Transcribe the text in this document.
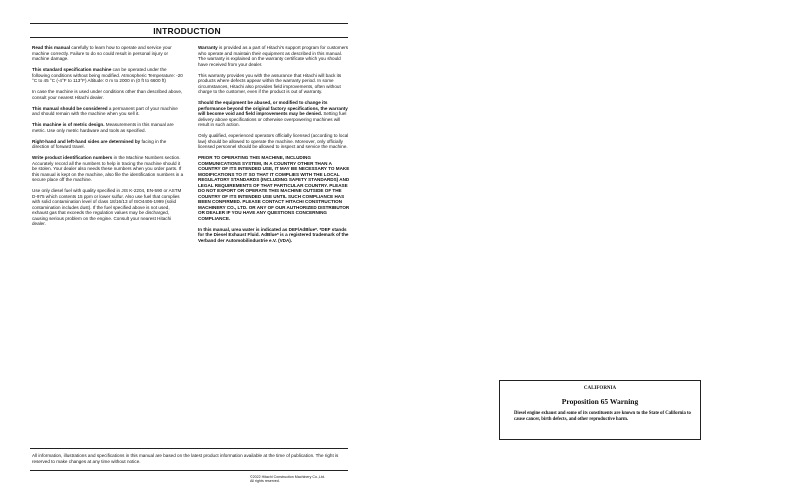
INTRODUCTION

Read this manual carefully to learn how to operate and service your machine correctly. Failure to do so could result in personal injury or machine damage.

This standard specification machine can be operated under the following conditions without being modified. Atmospheric Temperature: -20 °C to 45 °C (-4°F to 113°F) Altitude: 0 m to 2000 m (0 ft to 6600 ft)

In case the machine is used under conditions other than described above, consult your nearest Hitachi dealer.

This manual should be considered a permanent part of your machine and should remain with the machine when you sell it.

This machine is of metric design. Measurements in this manual are metric. Use only metric hardware and tools as specified.

Right-hand and left-hand sides are determined by facing in the direction of forward travel.

Write product identification numbers in the Machine Numbers section. Accurately record all the numbers to help in tracing the machine should it be stolen. Your dealer also needs these numbers when you order parts. If this manual is kept on the machine, also file the identification numbers in a secure place off the machine.

Use only diesel fuel with quality specified in JIS K-2204, EN-590 or ASTM D-975 which contents 15 ppm or lower sulfur. Also use fuel that complies with solid contamination level of class 18/16/13 of ISO4406-1999 (solid contamination includes dust). If the fuel specified above is not used, exhaust gas that exceeds the regulation values may be discharged, causing serious problem on the engine. Consult your nearest Hitachi dealer.

Warranty is provided as a part of Hitachi's support program for customers who operate and maintain their equipment as described in this manual. The warranty is explained on the warranty certificate which you should have received from your dealer.

This warranty provides you with the assurance that Hitachi will back its products where defects appear within the warranty period. In some circumstances, Hitachi also provides field improvements, often without charge to the customer, even if the product is out of warranty.

Should the equipment be abused, or modified to change its performance beyond the original factory specifications, the warranty will become void and field improvements may be denied. Setting fuel delivery above specifications or otherwise overpowering machines will result in such action.

Only qualified, experienced operators officially licensed (according to local law) should be allowed to operate the machine. Moreover, only officially licensed personnel should be allowed to inspect and service the machine.

PRIOR TO OPERATING THIS MACHINE, INCLUDING COMMUNICATIONS SYSTEM, IN A COUNTRY OTHER THAN A COUNTRY OF ITS INTENDED USE, IT MAY BE NECESSARY TO MAKE MODIFICATIONS TO IT SO THAT IT COMPLIES WITH THE LOCAL REGULATORY STANDARDS (INCLUDING SAFETY STANDARDS) AND LEGAL REQUIREMENTS OF THAT PARTICULAR COUNTRY. PLEASE DO NOT EXPORT OR OPERATE THIS MACHINE OUTSIDE OF THE COUNTRY OF ITS INTENDED USE UNTIL SUCH COMPLIANCE HAS BEEN CONFIRMED. PLEASE CONTACT HITACHI CONSTRUCTION MACHINERY CO., LTD. OR ANY OF OUR AUTHORIZED DISTRIBUTOR OR DEALER IF YOU HAVE ANY QUESTIONS CONCERNING COMPLIANCE.

In this manual, urea water is indicated as DEF/AdBlue*. *DEF stands for the Diesel Exhaust Fluid. AdBlue* is a registered trademark of the Verband der Automobilindustrie e.V. (VDA).

All information, illustrations and specifications in this manual are based on the latest product information available at the time of publication. The right is reserved to make changes at any time without notice.
©2022 Hitachi Construction Machinery Co.,Ltd.
All rights reserved.
CALIFORNIA
Proposition 65 Warning
Diesel engine exhaust and some of its constituents are known to the State of California to cause cancer, birth defects, and other reproductive harm.
